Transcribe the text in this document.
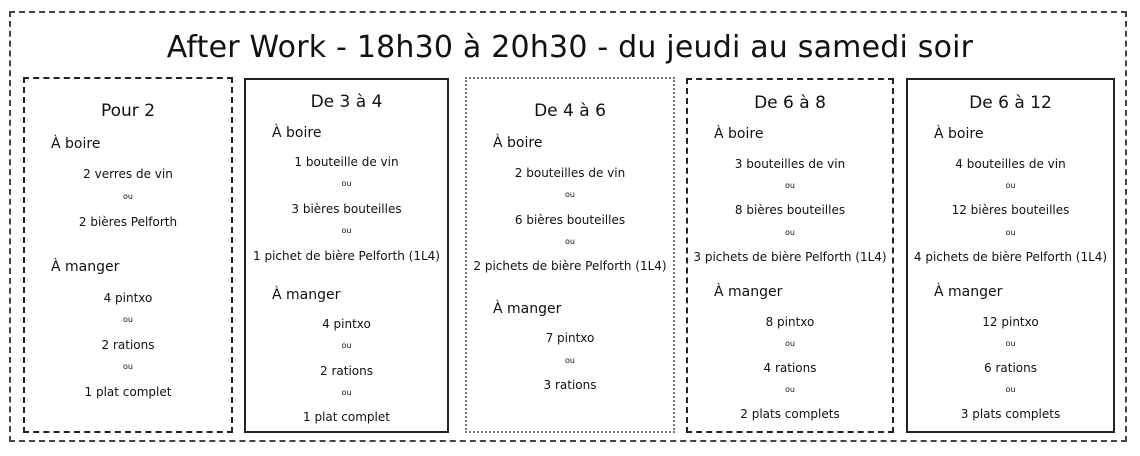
After Work - 18h30 à 20h30 - du jeudi au samedi soir
Pour 2
À boire
2 verres de vin
ou
2 bières Pelforth
À manger
4 pintxo
ou
2 rations
ou
1 plat complet
De 3 à 4
À boire
1 bouteille de vin
ou
3 bières bouteilles
ou
1 pichet de bière Pelforth (1L4)
À manger
4 pintxo
ou
2 rations
ou
1 plat complet
De 4 à 6
À boire
2 bouteilles de vin
ou
6 bières bouteilles
ou
2 pichets de bière Pelforth (1L4)
À manger
7 pintxo
ou
3 rations
De 6 à 8
À boire
3 bouteilles de vin
ou
8 bières bouteilles
ou
3 pichets de bière Pelforth (1L4)
À manger
8 pintxo
ou
4 rations
ou
2 plats complets
De 6 à 12
À boire
4 bouteilles de vin
ou
12 bières bouteilles
ou
4 pichets de bière Pelforth (1L4)
À manger
12 pintxo
ou
6 rations
ou
3 plats complets
